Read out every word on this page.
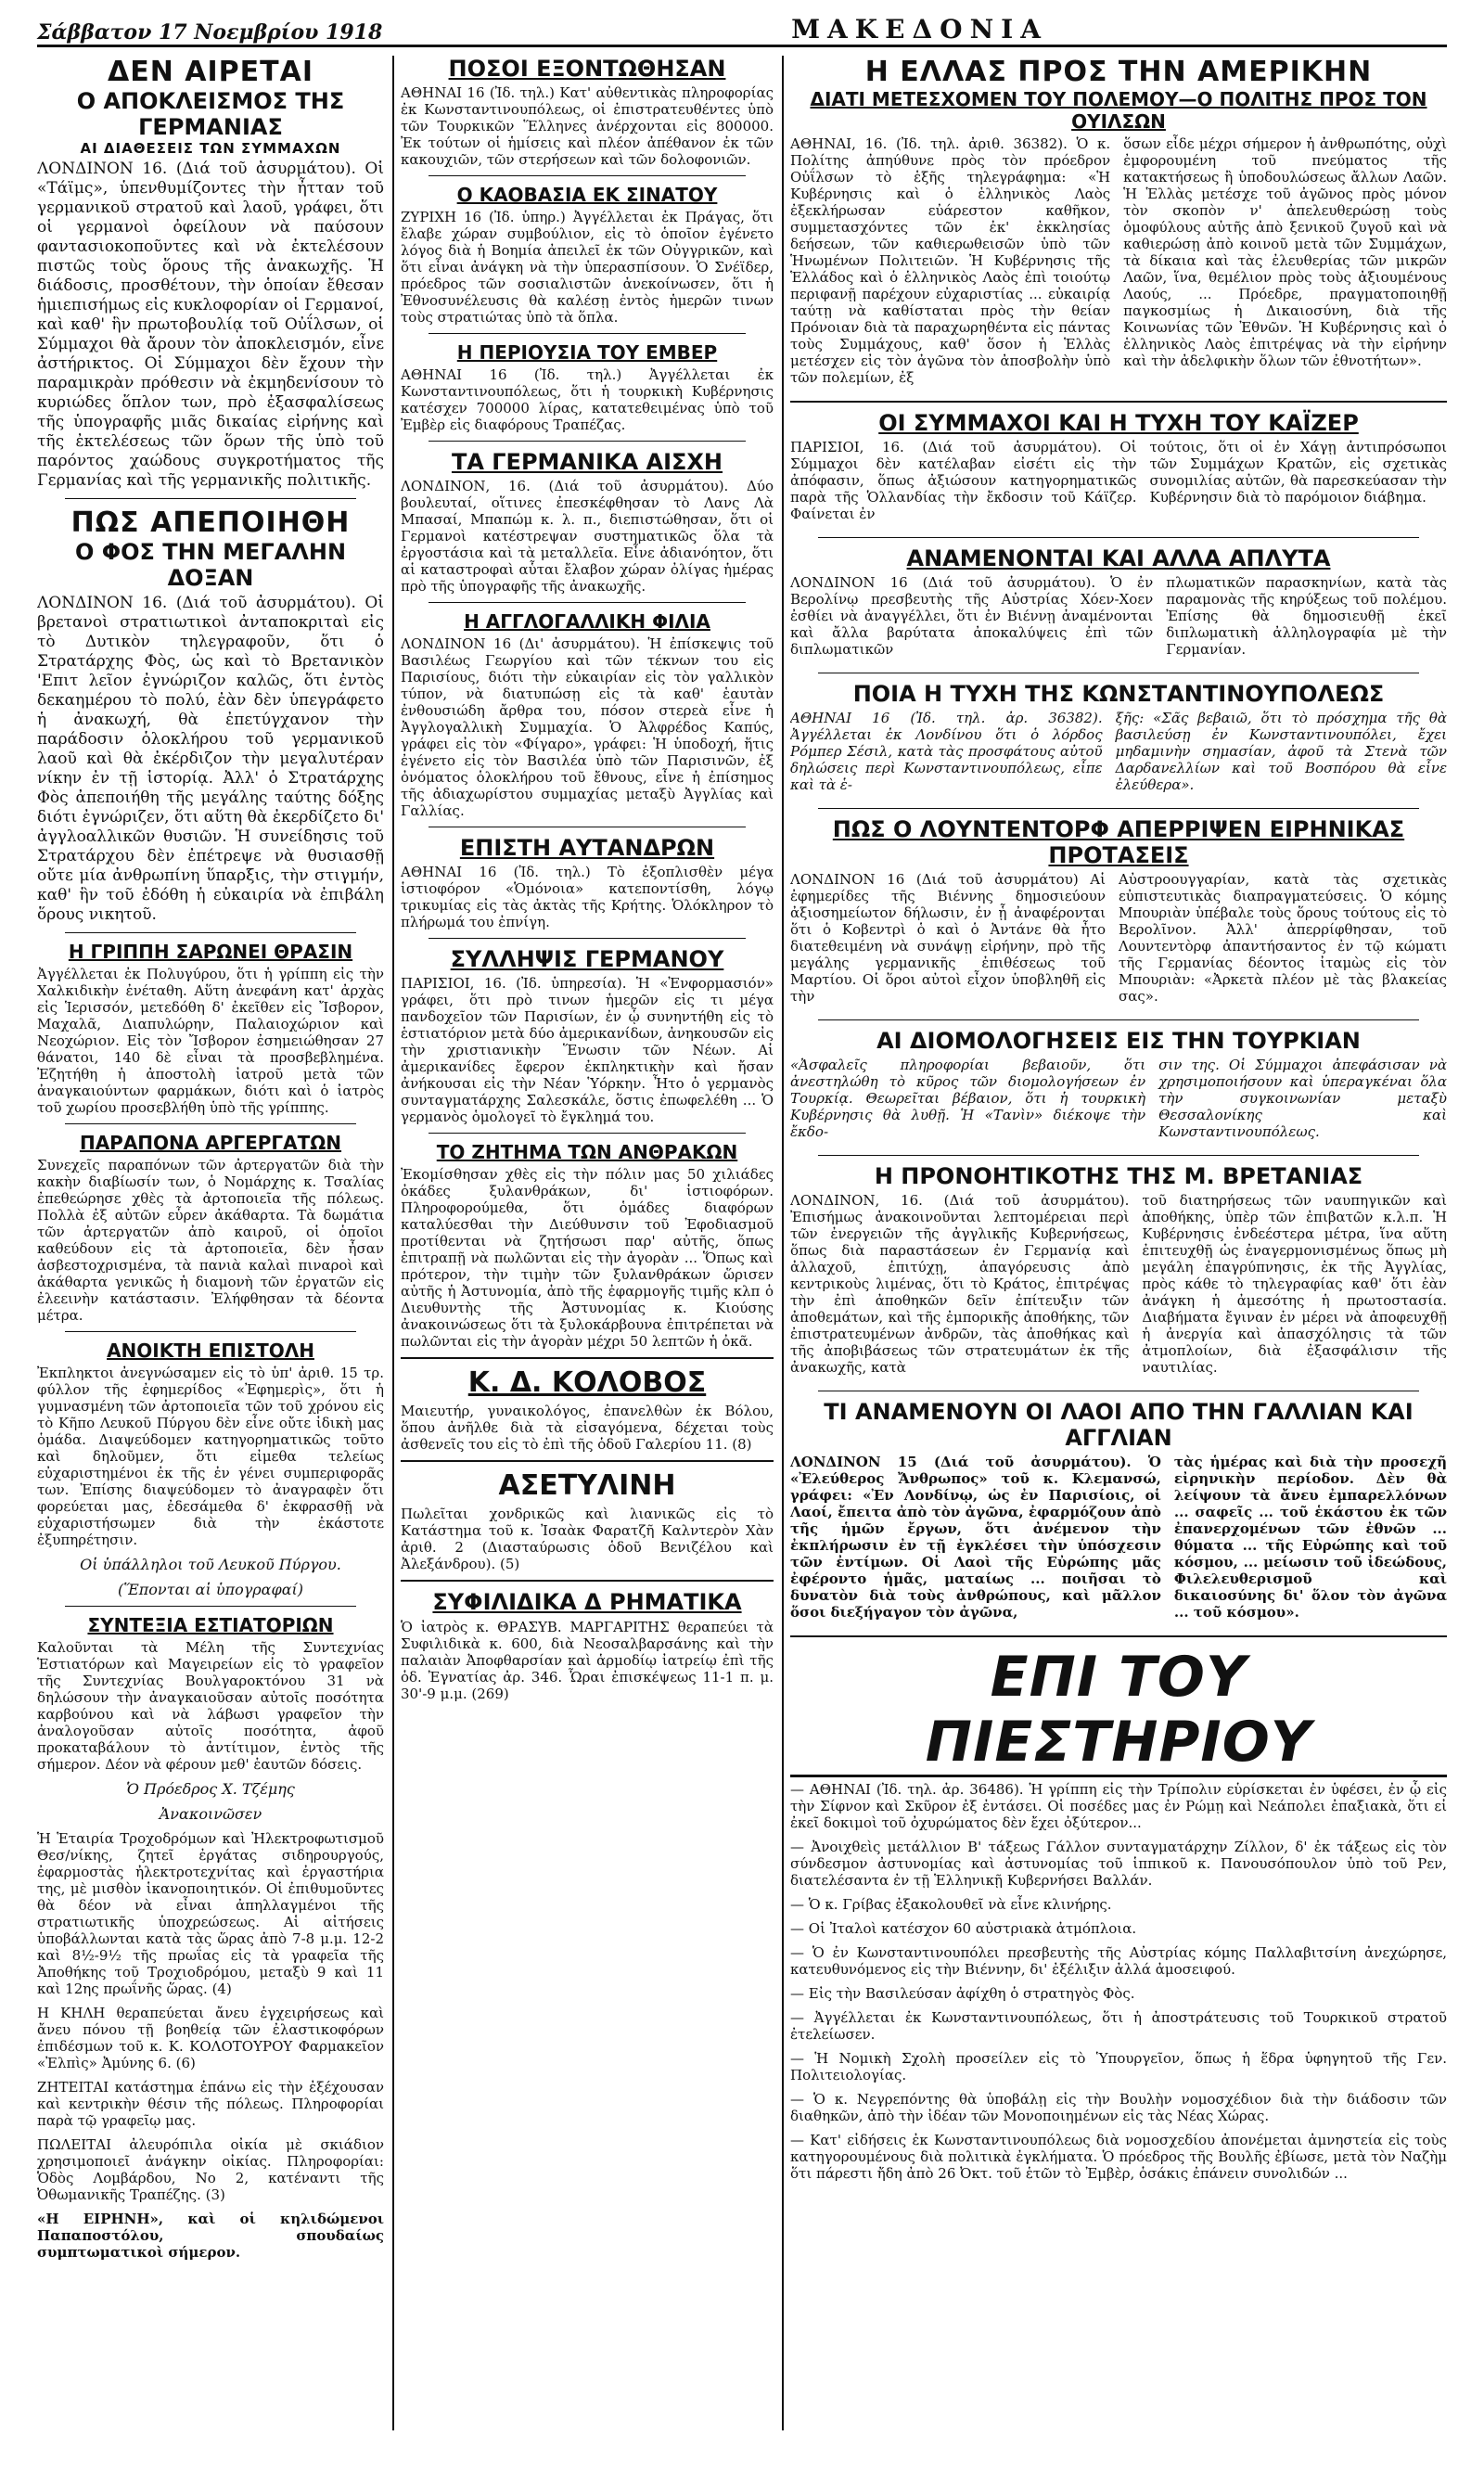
Σάββατον 17 Νοεμβρίου 1918	ΜΑΚΕΔΟΝΙΑ
ΔΕΝ ΑΙΡΕΤΑΙ
Ο ΑΠΟΚΛΕΙΣΜΟΣ ΤΗΣ ΓΕΡΜΑΝΙΑΣ
ΑΙ ΔΙΑΘΕΣΕΙΣ ΤΩΝ ΣΥΜΜΑΧΩΝ

ΛΟΝΔΙΝΟΝ 16. (Διά τοῦ ἀσυρμάτου). Οἱ «Τάϊμς», ὑπενθυμίζοντες τὴν ἦτταν τοῦ γερμανικοῦ στρατοῦ καὶ λαοῦ, γράφει, ὅτι οἱ γερμανοὶ ὀφείλουν νὰ παύσουν φαντασιοκοποῦντες καὶ νὰ ἐκτελέσουν πιστῶς τοὺς ὅρους τῆς ἀνακωχῆς. Ἡ διάδοσις, προσθέτουν, τὴν ὁποίαν ἔθεσαν ἡμιεπισήμως εἰς κυκλοφορίαν οἱ Γερμανοί, καὶ καθ' ἣν πρωτοβουλίᾳ τοῦ Οὐΐλσων, οἱ Σύμμαχοι θὰ ἄρουν τὸν ἀποκλεισμόν, εἶνε ἀστήρικτος. Οἱ Σύμμαχοι δὲν ἔχουν τὴν παραμικρὰν πρόθεσιν νὰ ἐκμηδενίσουν τὸ κυριώδες ὅπλον των, πρὸ ἐξασφαλίσεως τῆς ὑπογραφῆς μιᾶς δικαίας εἰρήνης καὶ τῆς ἐκτελέσεως τῶν ὅρων τῆς ὑπὸ τοῦ παρόντος χαώδους συγκροτήματος τῆς Γερμανίας καὶ τῆς γερμανικῆς πολιτικῆς.

ΠΩΣ ΑΠΕΠΟΙΗΘΗ
Ο ΦΟΣ ΤΗΝ ΜΕΓΑΛΗΝ ΔΟΞΑΝ

ΛΟΝΔΙΝΟΝ 16. (Διά τοῦ ἀσυρμάτου). Οἱ βρετανοὶ στρατιωτικοὶ ἀνταποκριταὶ εἰς τὸ Δυτικὸν τηλεγραφοῦν, ὅτι ὁ Στρατάρχης Φὸς, ὡς καὶ τὸ Βρετανικὸν 'Επιτ λεῖον ἐγνώριζον καλῶς, ὅτι ἐντὸς δεκαημέρου τὸ πολύ, ἐὰν δὲν ὑπεγράφετο ἡ ἀνακωχή, θὰ ἐπετύγχανον τὴν παράδοσιν ὁλοκλήρου τοῦ γερμανικοῦ λαοῦ καὶ θὰ ἐκέρδιζον τὴν μεγαλυτέραν νίκην ἐν τῇ ἱστορίᾳ. Ἀλλ' ὁ Στρατάρχης Φὸς ἀπεποιήθη τῆς μεγάλης ταύτης δόξης διότι ἐγνώριζεν, ὅτι αὕτη θὰ ἐκερδίζετο δι' ἀγγλοαλλικῶν θυσιῶν. Ἡ συνείδησις τοῦ Στρατάρχου δὲν ἐπέτρεψε νὰ θυσιασθῇ οὔτε μία ἀνθρωπίνη ὕπαρξις, τὴν στιγμήν, καθ' ἣν τοῦ ἐδόθη ἡ εὐκαιρία νὰ ἐπιβάλη ὅρους νικητοῦ.

Η ΓΡΙΠΠΗ ΣΑΡΩΝΕΙ ΘΡΑΣΙΝ

Ἀγγέλλεται ἐκ Πολυγύρου, ὅτι ἡ γρίππη εἰς τὴν Χαλκιδικὴν ἐνέταθη. Αὕτη ἀνεφάνη κατ' ἀρχὰς εἰς Ἱερισσόν, μετεδόθη δ' ἐκεῖθεν εἰς Ἴσβορον, Μαχαλᾶ, Διαπυλώρην, Παλαιοχώριον καὶ Νεοχώριον. Εἰς τὸν Ἴσβορον ἐσημειώθησαν 27 θάνατοι, 140 δὲ εἶναι τὰ προσβεβλημένα. Ἐζητήθη ἡ ἀποστολὴ ἰατροῦ μετὰ τῶν ἀναγκαιούντων φαρμάκων, διότι καὶ ὁ ἰατρὸς τοῦ χωρίου προσεβλήθη ὑπὸ τῆς γρίππης.

ΠΑΡΑΠΟΝΑ ΑΡΓΕΡΓΑΤΩΝ

Συνεχεῖς παραπόνων τῶν ἀρτεργατῶν διὰ τὴν κακὴν διαβίωσίν των, ὁ Νομάρχης κ. Τσαλίας ἐπεθεώρησε χθὲς τὰ ἀρτοποιεῖα τῆς πόλεως. Πολλὰ ἐξ αὐτῶν εὗρεν ἀκάθαρτα. Τὰ δωμάτια τῶν ἀρτεργατῶν ἀπὸ καιροῦ, οἱ ὁποῖοι καθεύδουν εἰς τὰ ἀρτοποιεῖα, δὲν ἦσαν ἀσβεστοχρισμένα, τὰ πανιὰ καλαὶ πιναροὶ καὶ ἀκάθαρτα γενικῶς ἡ διαμονὴ τῶν ἐργατῶν εἰς ἐλεεινὴν κατάστασιν. Ἐλήφθησαν τὰ δέοντα μέτρα.

ΑΝΟΙΚΤΗ ΕΠΙΣΤΟΛΗ

Ἐκπληκτοι ἀνεγνώσαμεν εἰς τὸ ὑπ' ἀριθ. 15 τρ. φύλλον τῆς ἐφημερίδος «Ἐφημερὶς», ὅτι ἡ γυμνασμένη τῶν ἀρτοποιεῖα τῶν τοῦ χρόνου εἰς τὸ Κῆπο Λευκοῦ Πύργου δὲν εἶνε οὔτε ἰδικὴ μας ὁμάδα. Διαψεύδομεν κατηγορηματικῶς τοῦτο καὶ δηλοῦμεν, ὅτι εἰμεθα τελείως εὐχαριστημένοι ἐκ τῆς ἐν γένει συμπεριφορᾶς των. Ἐπίσης διαψεύδομεν τὸ ἀναγραφὲν ὅτι φορεύεται μας, ἐδεσάμεθα δ' ἐκφρασθῇ νὰ εὐχαριστήσωμεν διὰ τὴν ἐκάστοτε ἐξυπηρέτησιν.

Οἱ ὑπάλληλοι τοῦ Λευκοῦ Πύργου.
(Ἕπονται αἱ ὑπογραφαί)
ΣΥΝΤΕΞΙΑ ΕΣΤΙΑΤΟΡΙΩΝ

Καλοῦνται τὰ Μέλη τῆς Συντεχνίας Ἑστιατόρων καὶ Μαγειρείων εἰς τὸ γραφεῖον τῆς Συντεχνίας Βουλγαροκτόνου 31 νὰ δηλώσουν τὴν ἀναγκαιοῦσαν αὐτοῖς ποσότητα καρβούνου καὶ νὰ λάβωσι γραφεῖον τὴν ἀναλογοῦσαν αὐτοῖς ποσότητα, ἀφοῦ προκαταβάλουν τὸ ἀντίτιμον, ἐντὸς τῆς σήμερον. Δέον νὰ φέρουν μεθ' ἑαυτῶν δόσεις.

Ὁ Πρόεδρος Χ. Τζέμης
Ἀνακοινῶσεν

Ἡ Ἑταιρία Τροχοδρόμων καὶ Ἠλεκτροφωτισμοῦ Θεσ/νίκης, ζητεῖ ἐργάτας σιδηρουργούς, ἐφαρμοστὰς ἠλεκτροτεχνίτας καὶ ἐργαστήρια της, μὲ μισθὸν ἱκανοποιητικόν. Οἱ ἐπιθυμοῦντες θὰ δέον νὰ εἶναι ἀπηλλαγμένοι τῆς στρατιωτικῆς ὑποχρεώσεως. Αἱ αἰτήσεις ὑποβάλλωνται κατὰ τὰς ὥρας ἀπὸ 7-8 μ.μ. 12-2 καὶ 8½-9½ τῆς πρωΐας εἰς τὰ γραφεῖα τῆς Ἀποθήκης τοῦ Τροχιοδρόμου, μεταξὺ 9 καὶ 11 καὶ 12ης πρωΐνῆς ὥρας. (4)

Η ΚΗΛΗ θεραπεύεται ἄνευ ἐγχειρήσεως καὶ ἄνευ πόνου τῇ βοηθείᾳ τῶν ἐλαστικοφόρων ἐπιδέσμων τοῦ κ. Κ. ΚΟΛΟΤΟΥΡΟΥ Φαρμακεῖον «Ἐλπὶς» Ἀμύνης 6. (6)

ΖΗΤΕΙΤΑΙ κατάστημα ἐπάνω εἰς τὴν ἐξέχουσαν καὶ κεντρικὴν θέσιν τῆς πόλεως. Πληροφορίαι παρὰ τῷ γραφεῖῳ μας.

ΠΩΛΕΙΤΑΙ ἀλευρόπιλα οἰκία μὲ σκιάδιον χρησιμοποιεῖ ἀνάγκην οἰκίας. Πληροφορίαι: Ὁδὸς Λομβάρδου, Νο 2, κατέναντι τῆς Ὀθωμανικῆς Τραπέζης. (3)

«Η ΕΙΡΗΝΗ», καὶ οἱ κηλιδώμενοι Παπαποστόλου, σπουδαίως συμπτωματικοὶ σήμερον.

ΠΟΣΟΙ ΕΞΟΝΤΩΘΗΣΑΝ

ΑΘΗΝΑΙ 16 (Ἰδ. τηλ.) Κατ' αὐθεντικὰς πληροφορίας ἐκ Κωνσταντινουπόλεως, οἱ ἐπιστρατευθέντες ὑπὸ τῶν Τουρκικῶν Ἕλληνες ἀνέρχονται εἰς 800000. Ἐκ τούτων οἱ ἡμίσεις καὶ πλέον ἀπέθανον ἐκ τῶν κακουχιῶν, τῶν στερήσεων καὶ τῶν δολοφονιῶν.

Ο ΚΑΟΒΑΣΙΑ ΕΚ ΣΙΝΑΤΟΥ

ΖΥΡΙΧΗ 16 (Ἰδ. ὑπηρ.) Ἀγγέλλεται ἐκ Πράγας, ὅτι ἔλαβε χώραν συμβούλιον, εἰς τὸ ὁποῖον ἐγένετο λόγος διὰ ἡ Βοημία ἀπειλεῖ ἐκ τῶν Οὐγγρικῶν, καὶ ὅτι εἶναι ἀνάγκη νὰ τὴν ὑπερασπίσουν. Ὁ Σνέϊδερ, πρόεδρος τῶν σοσιαλιστῶν ἀνεκοίνωσεν, ὅτι ἡ Ἐθνοσυνέλευσις θὰ καλέσῃ ἐντὸς ἡμερῶν τινων τοὺς στρατιώτας ὑπὸ τὰ ὅπλα.

Η ΠΕΡΙΟΥΣΙΑ ΤΟΥ ΕΜΒΕΡ

ΑΘΗΝΑΙ 16 (Ἰδ. τηλ.) Ἀγγέλλεται ἐκ Κωνσταντινουπόλεως, ὅτι ἡ τουρκικὴ Κυβέρνησις κατέσχεν 700000 λίρας, κατατεθειμένας ὑπὸ τοῦ Ἐμβὲρ εἰς διαφόρους Τραπέζας.

ΤΑ ΓΕΡΜΑΝΙΚΑ ΑΙΣΧΗ

ΛΟΝΔΙΝΟΝ, 16. (Διά τοῦ ἀσυρμάτου). Δύο βουλευταί, οἵτινες ἐπεσκέφθησαν τὸ Λανς Λὰ Μπασαί, Μπαπώμ κ. λ. π., διεπιστώθησαν, ὅτι οἱ Γερμανοὶ κατέστρεψαν συστηματικῶς ὅλα τὰ ἐργοστάσια καὶ τὰ μεταλλεῖα. Εἶνε ἀδιανόητον, ὅτι αἱ καταστροφαὶ αὗται ἔλαβον χώραν ὀλίγας ἡμέρας πρὸ τῆς ὑπογραφῆς τῆς ἀνακωχῆς.

Η ΑΓΓΛΟΓΑΛΛΙΚΗ ΦΙΛΙΑ

ΛΟΝΔΙΝΟΝ 16 (Δι' ἀσυρμάτου). Ἡ ἐπίσκεψις τοῦ Βασιλέως Γεωργίου καὶ τῶν τέκνων του εἰς Παρισίους, διότι τὴν εὐκαιρίαν εἰς τὸν γαλλικὸν τύπον, νὰ διατυπώσῃ εἰς τὰ καθ' ἑαυτὰν ἐνθουσιώδη ἄρθρα του, πόσον στερεὰ εἶνε ἡ Ἀγγλογαλλικὴ Συμμαχία. Ὁ Ἀλφρέδος Καπύς, γράφει εἰς τὸν «Φίγαρο», γράφει: Ἡ ὑποδοχή, ἥτις ἐγένετο εἰς τὸν Βασιλέα ὑπὸ τῶν Παρισινῶν, ἐξ ὀνόματος ὁλοκλήρου τοῦ ἔθνους, εἶνε ἡ ἐπίσημος τῆς ἀδιαχωρίστου συμμαχίας μεταξὺ Ἀγγλίας καὶ Γαλλίας.

ΕΠΙΣΤΗ ΑΥΤΑΝΔΡΩΝ

ΑΘΗΝΑΙ 16 (Ἰδ. τηλ.) Τὸ ἐξοπλισθὲν μέγα ἱστιοφόρον «Ὁμόνοια» κατεποντίσθη, λόγῳ τρικυμίας εἰς τὰς ἀκτὰς τῆς Κρήτης. Ὁλόκληρον τὸ πλήρωμά του ἐπνίγη.

ΣΥΛΛΗΨΙΣ ΓΕΡΜΑΝΟΥ

ΠΑΡΙΣΙΟΙ, 16. (Ἰδ. ὑπηρεσία). Ἡ «Ἐνφορμασιόν» γράφει, ὅτι πρὸ τινων ἡμερῶν εἰς τι μέγα πανδοχεῖον τῶν Παρισίων, ἐν ᾧ συνηντήθη εἰς τὸ ἑστιατόριον μετὰ δύο ἀμερικανίδων, ἀνηκουσῶν εἰς τὴν χριστιανικὴν Ἕνωσιν τῶν Νέων. Αἱ ἀμερικανίδες ἔφερον ἐκπληκτικὴν καὶ ἤσαν ἀνήκουσαι εἰς τὴν Νέαν Ὑόρκην. Ἦτο ὁ γερμανὸς συνταγματάρχης Σαλεσκάλε, ὅστις ἐπωφελέθη ... Ὁ γερμανὸς ὁμολογεῖ τὸ ἔγκλημά του.

ΤΟ ΖΗΤΗΜΑ ΤΩΝ ΑΝΘΡΑΚΩΝ

Ἐκομίσθησαν χθὲς εἰς τὴν πόλιν μας 50 χιλιάδες ὀκάδες ξυλανθράκων, δι' ἱστιοφόρων. Πληροφορούμεθα, ὅτι ὁμάδες διαφόρων καταλύεσθαι τὴν Διεύθυνσιν τοῦ Ἐφοδιασμοῦ προτίθενται νὰ ζητήσωσι παρ' αὐτῆς, ὅπως ἐπιτραπῇ νὰ πωλῶνται εἰς τὴν ἀγορὰν ... Ὅπως καὶ πρότερον, τὴν τιμὴν τῶν ξυλανθράκων ὥρισεν αὐτῆς ἡ Ἀστυνομία, ἀπὸ τῆς ἐφαρμογῆς τιμῆς κλπ ὁ Διευθυντὴς τῆς Ἀστυνομίας κ. Κιούσης ἀνακοινώσεως ὅτι τὰ ξυλοκάρβουνα ἐπιτρέπεται νὰ πωλῶνται εἰς τὴν ἀγορὰν μέχρι 50 λεπτῶν ἡ ὀκᾶ.

Κ. Δ. ΚΟΛΟΒΟΣ

Μαιευτήρ, γυναικολόγος, ἐπανελθὼν ἐκ Βόλου, ὅπου ἀνῆλθε διὰ τὰ εἰσαγόμενα, δέχεται τοὺς ἀσθενεῖς του εἰς τὸ ἐπὶ τῆς ὁδοῦ Γαλερίου 11. (8)

ΑΣΕΤΥΛΙΝΗ

Πωλεῖται χονδρικῶς καὶ λιανικῶς εἰς τὸ Κατάστημα τοῦ κ. Ἰσαὰκ Φαρατζῆ Καλντερὸν Χὰν ἀριθ. 2 (Διασταύρωσις ὁδοῦ Βενιζέλου καὶ Ἀλεξάνδρου). (5)

ΣΥΦΙΛΙΔΙΚΑ Δ ΡΗΜΑΤΙΚΑ

Ὁ ἰατρὸς κ. ΘΡΑΣΥΒ. ΜΑΡΓΑΡΙΤΗΣ θεραπεύει τὰ Συφιλιδικὰ κ. 600, διὰ Νεοσαλβαρσάνης καὶ τὴν παλαιὰν Ἀποφθαρσίαν καὶ ἁρμοδίῳ ἰατρείῳ ἐπὶ τῆς ὁδ. Ἐγνατίας ἀρ. 346. Ὧραι ἐπισκέψεως 11-1 π. μ. 30'-9 μ.μ. (269)

Η ΕΛΛΑΣ ΠΡΟΣ ΤΗΝ ΑΜΕΡΙΚΗΝ
ΔΙΑΤΙ ΜΕΤΕΣΧΟΜΕΝ ΤΟΥ ΠΟΛΕΜΟΥ—Ο ΠΟΛΙΤΗΣ ΠΡΟΣ ΤΟΝ ΟΥΙΛΣΩΝ

ΑΘΗΝΑΙ, 16. (Ἰδ. τηλ. ἀριθ. 36382). Ὁ κ. Πολίτης ἀπηύθυνε πρὸς τὸν πρόεδρον Οὐΐλσων τὸ ἑξῆς τηλεγράφημα: «Ἡ Κυβέρνησις καὶ ὁ ἑλληνικὸς Λαὸς ἐξεκλήρωσαν εὐάρεστον καθῆκον, συμμετασχόντες τῶν ἐκ' ἐκκλησίας δεήσεων, τῶν καθιερωθεισῶν ὑπὸ τῶν Ἡνωμένων Πολιτειῶν. Ἡ Κυβέρνησις τῆς Ἑλλάδος καὶ ὁ ἑλληνικὸς Λαὸς ἐπὶ τοιούτῳ περιφανῇ παρέχουν εὐχαριστίας ... εὐκαιρίᾳ ταύτῃ νὰ καθίσταται πρὸς τὴν θείαν Πρόνοιαν διὰ τὰ παραχωρηθέντα εἰς πάντας τοὺς Συμμάχους, καθ' ὅσον ἡ Ἑλλὰς μετέσχεν εἰς τὸν ἀγῶνα τὸν ἀποσβολὴν ὑπὸ τῶν πολεμίων, ἐξ

ὅσων εἶδε μέχρι σήμερον ἡ ἀνθρωπότης, οὐχὶ ἐμφορουμένη τοῦ πνεύματος τῆς κατακτήσεως ἢ ὑποδουλώσεως ἄλλων Λαῶν. Ἡ Ἑλλὰς μετέσχε τοῦ ἀγῶνος πρὸς μόνον τὸν σκοπὸν ν' ἀπελευθερώσῃ τοὺς ὁμοφύλους αὐτῆς ἀπὸ ξενικοῦ ζυγοῦ καὶ νὰ καθιερώσῃ ἀπὸ κοινοῦ μετὰ τῶν Συμμάχων, τὰ δίκαια καὶ τὰς ἐλευθερίας τῶν μικρῶν Λαῶν, ἵνα, θεμέλιον πρὸς τοὺς ἀξιουμένους Λαούς, ... Πρόεδρε, πραγματοποιηθῇ παγκοσμίως ἡ Δικαιοσύνη, διὰ τῆς Κοινωνίας τῶν Ἐθνῶν. Ἡ Κυβέρνησις καὶ ὁ ἑλληνικὸς Λαὸς ἐπιτρέψας νὰ τὴν εἰρήνην καὶ τὴν ἀδελφικὴν ὅλων τῶν ἐθνοτήτων».

ΟΙ ΣΥΜΜΑΧΟΙ ΚΑΙ Η ΤΥΧΗ ΤΟΥ ΚΑΪΖΕΡ

ΠΑΡΙΣΙΟΙ, 16. (Διά τοῦ ἀσυρμάτου). Οἱ Σύμμαχοι δὲν κατέλαβαν εἰσέτι εἰς τὴν ἀπόφασιν, ὅπως ἀξιώσουν κατηγορηματικῶς παρὰ τῆς Ὁλλανδίας τὴν ἔκδοσιν τοῦ Κάϊζερ. Φαίνεται ἐν

τούτοις, ὅτι οἱ ἐν Χάγῃ ἀντιπρόσωποι τῶν Συμμάχων Κρατῶν, εἰς σχετικὰς συνομιλίας αὐτῶν, θὰ παρεσκεύασαν τὴν Κυβέρνησιν διὰ τὸ παρόμοιον διάβημα.

ΑΝΑΜΕΝΟΝΤΑΙ ΚΑΙ ΑΛΛΑ ΑΠΛΥΤΑ

ΛΟΝΔΙΝΟΝ 16 (Διά τοῦ ἀσυρμάτου). Ὁ ἐν Βερολίνῳ πρεσβευτὴς τῆς Αὐστρίας Χόεν-Χοεν ἐσθίει νὰ ἀναγγέλλει, ὅτι ἐν Βιέννῃ ἀναμένονται καὶ ἄλλα βαρύτατα ἀποκαλύψεις ἐπὶ τῶν διπλωματικῶν

πλωματικῶν παρασκηνίων, κατὰ τὰς παραμονὰς τῆς κηρύξεως τοῦ πολέμου. Ἐπίσης θὰ δημοσιευθῇ ἐκεῖ διπλωματικὴ ἀλληλογραφία μὲ τὴν Γερμανίαν.

ΠΟΙΑ Η ΤΥΧΗ ΤΗΣ ΚΩΝΣΤΑΝΤΙΝΟΥΠΟΛΕΩΣ

ΑΘΗΝΑΙ 16 (Ἰδ. τηλ. ἀρ. 36382). Ἀγγέλλεται ἐκ Λονδίνου ὅτι ὁ λόρδος Ρόμπερ Σέσιλ, κατὰ τὰς προσφάτους αὐτοῦ δηλώσεις περὶ Κωνσταντινουπόλεως, εἶπε καὶ τὰ ἑ-

ξῆς: «Σᾶς βεβαιῶ, ὅτι τὸ πρόσχημα τῆς θὰ βασιλεύσῃ ἐν Κωνσταντινουπόλει, ἔχει μηδαμινὴν σημασίαν, ἀφοῦ τὰ Στενὰ τῶν Δαρδανελλίων καὶ τοῦ Βοσπόρου θὰ εἶνε ἐλεύθερα».

ΠΩΣ Ο ΛΟΥΝΤΕΝΤΟΡΦ ΑΠΕΡΡΙΨΕΝ ΕΙΡΗΝΙΚΑΣ ΠΡΟΤΑΣΕΙΣ

ΛΟΝΔΙΝΟΝ 16 (Διά τοῦ ἀσυρμάτου) Αἱ ἐφημερίδες τῆς Βιέννης δημοσιεύουν ἀξιοσημείωτον δήλωσιν, ἐν ᾗ ἀναφέρονται ὅτι ὁ Κοβεντρὶ ὁ καὶ ὁ Ἀντάνε θὰ ἦτο διατεθειμένη νὰ συνάψῃ εἰρήνην, πρὸ τῆς μεγάλης γερμανικῆς ἐπιθέσεως τοῦ Μαρτίου. Οἱ ὅροι αὐτοὶ εἶχον ὑποβληθῆ εἰς τὴν

Αὐστροουγγαρίαν, κατὰ τὰς σχετικὰς εὐπιστευτικὰς διαπραγματεύσεις. Ὁ κόμης Μπουριὰν ὑπέβαλε τοὺς ὅρους τούτους εἰς τὸ Βερολῖνον. Ἀλλ' ἀπερρίφθησαν, τοῦ Λουντεντὸρφ ἀπαντήσαντος ἐν τῷ κώματι τῆς Γερμανίας δέοντος ἰταμὼς εἰς τὸν Μπουριὰν: «Ἀρκετὰ πλέον μὲ τὰς βλακείας σας».

ΑΙ ΔΙΟΜΟΛΟΓΗΣΕΙΣ ΕΙΣ ΤΗΝ ΤΟΥΡΚΙΑΝ

«Ἀσφαλεῖς πληροφορίαι βεβαιοῦν, ὅτι ἀνεστηλώθη τὸ κῦρος τῶν διομολογήσεων ἐν Τουρκίᾳ. Θεωρεῖται βέβαιον, ὅτι ἡ τουρκικὴ Κυβέρνησις θὰ λυθῇ. Ἡ «Τανὶν» διέκοψε τὴν ἔκδο-

σιν της. Οἱ Σύμμαχοι ἀπεφάσισαν νὰ χρησιμοποιήσουν καὶ ὑπεραγκέναι ὅλα τὴν συγκοινωνίαν μεταξὺ Θεσσαλονίκης καὶ Κωνσταντινουπόλεως.

Η ΠΡΟΝΟΗΤΙΚΟΤΗΣ ΤΗΣ Μ. ΒΡΕΤΑΝΙΑΣ

ΛΟΝΔΙΝΟΝ, 16. (Διά τοῦ ἀσυρμάτου). Ἐπισήμως ἀνακοινοῦνται λεπτομέρειαι περὶ τῶν ἐνεργειῶν τῆς ἀγγλικῆς Κυβερνήσεως, ὅπως διὰ παραστάσεων ἐν Γερμανίᾳ καὶ ἀλλαχοῦ, ἐπιτύχῃ, ἀπαγόρευσις ἀπὸ κεντρικοὺς λιμένας, ὅτι τὸ Κράτος, ἐπιτρέψας τὴν ἐπὶ ἀποθηκῶν δεῖν ἐπίτευξιν τῶν ἀποθεμάτων, καὶ τῆς ἐμπορικῆς ἀποθήκης, τῶν ἐπιστρατευμένων ἀνδρῶν, τὰς ἀποθήκας καὶ τῆς ἀποβιβάσεως τῶν στρατευμάτων ἐκ τῆς ἀνακωχῆς, κατὰ

τοῦ διατηρήσεως τῶν ναυπηγικῶν καὶ ἀποθήκης, ὑπὲρ τῶν ἐπιβατῶν κ.λ.π. Ἡ Κυβέρνησις ἐνδεέστερα μέτρα, ἵνα αὕτη ἐπιτευχθῇ ὡς ἐναγερμονισμένως ὅπως μὴ μεγάλη ἐπαγρύπνησις, ἐκ τῆς Ἀγγλίας, πρὸς κάθε τὸ τηλεγραφίας καθ' ὅτι ἐὰν ἀνάγκη ἡ ἀμεσότης ἡ πρωτοστασία. Διαβήματα ἔγιναν ἐν μέρει νὰ ἀποφευχθῇ ἡ ἀνεργία καὶ ἀπασχόλησις τὰ τῶν ἀτμοπλοίων, διὰ ἐξασφάλισιν τῆς ναυτιλίας.

ΤΙ ΑΝΑΜΕΝΟΥΝ ΟΙ ΛΑΟΙ ΑΠΟ ΤΗΝ ΓΑΛΛΙΑΝ ΚΑΙ ΑΓΓΛΙΑΝ

ΛΟΝΔΙΝΟΝ 15 (Διά τοῦ ἀσυρμάτου). Ὁ «Ἐλεύθερος Ἄνθρωπος» τοῦ κ. Κλεμανσώ, γράφει: «Ἐν Λονδίνῳ, ὡς ἐν Παρισίοις, οἱ Λαοί, ἔπειτα ἀπὸ τὸν ἀγῶνα, ἐφαρμόζουν ἀπὸ τῆς ἡμῶν ἔργων, ὅτι ἀνέμενον τὴν ἐκπλήρωσιν ἐν τῇ ἐγκλέσει τὴν ὑπόσχεσιν τῶν ἐντίμων. Οἱ Λαοὶ τῆς Εὐρώπης μᾶς ἐφέροντο ἡμᾶς, ματαίως ... ποιῆσαι τὸ δυνατὸν διὰ τοὺς ἀνθρώπους, καὶ μᾶλλον ὅσοι διεξήγαγον τὸν ἀγῶνα,

τὰς ἡμέρας καὶ διὰ τὴν προσεχῆ εἰρηνικὴν περίοδον. Δὲν θὰ λείψουν τὰ ἄνευ ἐμπαρελλόνων ... σαφεῖς ... τοῦ ἑκάστου ἐκ τῶν ἐπανερχομένων τῶν ἐθνῶν ... θύματα ... τῆς Εὐρώπης καὶ τοῦ κόσμου, ... μείωσιν τοῦ ἰδεώδους, Φιλελευθερισμοῦ καὶ δικαιοσύνης δι' ὅλον τὸν ἀγῶνα ... τοῦ κόσμου».

ΕΠΙ ΤΟΥ ΠΙΕΣΤΗΡΙΟΥ

— ΑΘΗΝΑΙ (Ἰδ. τηλ. ἀρ. 36486). Ἡ γρίππη εἰς τὴν Τρίπολιν εὑρίσκεται ἐν ὑφέσει, ἐν ᾧ εἰς τὴν Σίφνον καὶ Σκῦρον ἐξ ἐντάσει. Οἱ ποσέδες μας ἐν Ρώμῃ καὶ Νεάπολει ἐπαξιακὰ, ὅτι εἰ ἐκεῖ δοκιμοὶ τοῦ ὀχυρώματος δὲν ἔχει ὀξύτερον...

— Ἀνοιχθεὶς μετάλλιον Β' τάξεως Γάλλον συνταγματάρχην Ζίλλον, δ' ἐκ τάξεως εἰς τὸν σύνδεσμον ἀστυνομίας καὶ ἀστυνομίας τοῦ ἱππικοῦ κ. Πανουσόπουλον ὑπὸ τοῦ Ρεν, διατελέσαντα ἐν τῇ Ἑλληνικῇ Κυβερνήσει Βαλλάν.

— Ὁ κ. Γρίβας ἐξακολουθεῖ νὰ εἶνε κλινήρης.

— Οἱ Ἰταλοὶ κατέσχον 60 αὐστριακὰ ἀτμόπλοια.

— Ὁ ἐν Κωνσταντινουπόλει πρεσβευτὴς τῆς Αὐστρίας κόμης Παλλαβιτσίνη ἀνεχώρησε, κατευθυνόμενος εἰς τὴν Βιέννην, δι' ἐξέλιξιν ἀλλά ἀμοσειφού.

— Εἰς τὴν Βασιλεύσαν ἀφίχθη ὁ στρατηγὸς Φὸς.

— Ἀγγέλλεται ἐκ Κωνσταντινουπόλεως, ὅτι ἡ ἀποστράτευσις τοῦ Τουρκικοῦ στρατοῦ ἐτελείωσεν.

— Ἡ Νομικὴ Σχολὴ προσείλεν εἰς τὸ Ὑπουργεῖον, ὅπως ἡ ἕδρα ὑφηγητοῦ τῆς Γεν. Πολιτειολογίας.

— Ὁ κ. Νεγρεπόντης θὰ ὑποβάλῃ εἰς τὴν Βουλὴν νομοσχέδιον διὰ τὴν διάδοσιν τῶν διαθηκῶν, ἀπὸ τὴν ἰδέαν τῶν Μονοποιημένων εἰς τὰς Νέας Χώρας.

— Κατ' εἰδήσεις ἐκ Κωνσταντινουπόλεως διὰ νομοσχεδίου ἀπονέμεται ἀμνηστεία εἰς τοὺς κατηγορουμένους διὰ πολιτικὰ ἐγκλήματα. Ὁ πρόεδρος τῆς Βουλῆς ἐβίωσε, μετὰ τὸν Ναζὴμ ὅτι πάρεστι ἤδη ἀπὸ 26 Ὀκτ. τοῦ ἑτῶν τὸ Ἐμβὲρ, ὁσάκις ἐπάνειν συνολιδών ...
